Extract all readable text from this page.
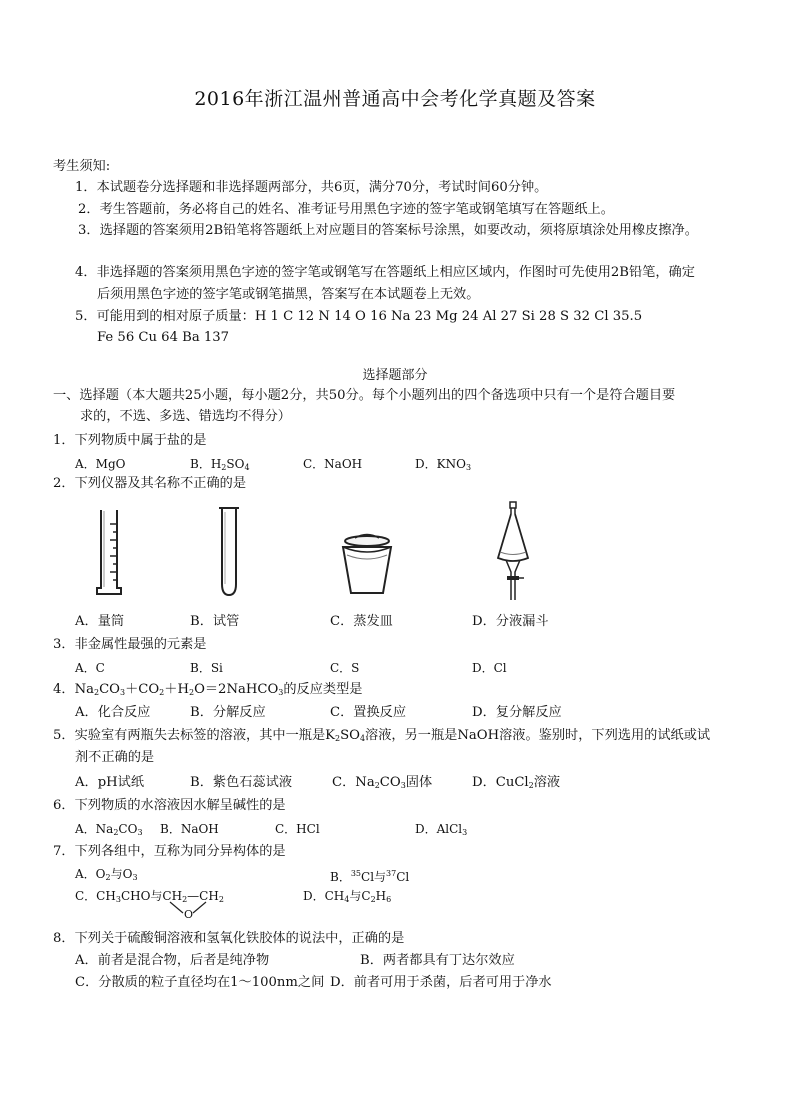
2016年浙江温州普通高中会考化学真题及答案
考生须知:
1．本试题卷分选择题和非选择题两部分，共6页，满分70分，考试时间60分钟。
2．考生答题前，务必将自己的姓名、准考证号用黑色字迹的签字笔或钢笔填写在答题纸上。
3．选择题的答案须用2B铅笔将答题纸上对应题目的答案标号涂黑，如要改动，须将原填涂处用橡皮擦净。
4．非选择题的答案须用黑色字迹的签字笔或钢笔写在答题纸上相应区域内，作图时可先使用2B铅笔，确定
后须用黑色字迹的签字笔或钢笔描黑，答案写在本试题卷上无效。
5．可能用到的相对原子质量：H 1 C 12 N 14 O 16 Na 23 Mg 24 Al 27 Si 28 S 32 Cl 35.5
Fe 56 Cu 64 Ba 137
选择题部分
一、选择题（本大题共25小题，每小题2分，共50分。每个小题列出的四个备选项中只有一个是符合题目要
求的，不选、多选、错选均不得分）
1．下列物质中属于盐的是
A．MgO	B．$H_2SO_4$	C．NaOH	D．$KNO_3$
2．下列仪器及其名称不正确的是
A．量筒	B．试管	C．蒸发皿	D．分液漏斗
3．非金属性最强的元素是
A．C	B．Si	C．S	D．Cl
4．$Na_2CO_3+CO_2+H_2O=2NaHCO_3$的反应类型是
A．化合反应	B．分解反应	C．置换反应	D．复分解反应
5．实验室有两瓶失去标签的溶液，其中一瓶是$K_2SO_4$溶液，另一瓶是NaOH溶液。鉴别时，下列选用的试纸或试
剂不正确的是
A．pH试纸	B．紫色石蕊试液	C．$Na_2CO_3$固体	D．CuCl$_2$溶液
6．下列物质的水溶液因水解呈碱性的是
A．$Na_2CO_3$ B．NaOH	C．HCl	D．AlCl$_3$
7．下列各组中，互称为同分异构体的是
A．$O_2$与$O_3$	B．$^{35}$Cl与$^{37}$Cl
C．$CH_3CHO$与$CH_2—CH_2$
O
D．$CH_4$与$C_2H_6$
8．下列关于硫酸铜溶液和氢氧化铁胶体的说法中，正确的是
A．前者是混合物，后者是纯净物	B．两者都具有丁达尔效应
C．分散质的粒子直径均在1～100nm之间 D．前者可用于杀菌，后者可用于净水
